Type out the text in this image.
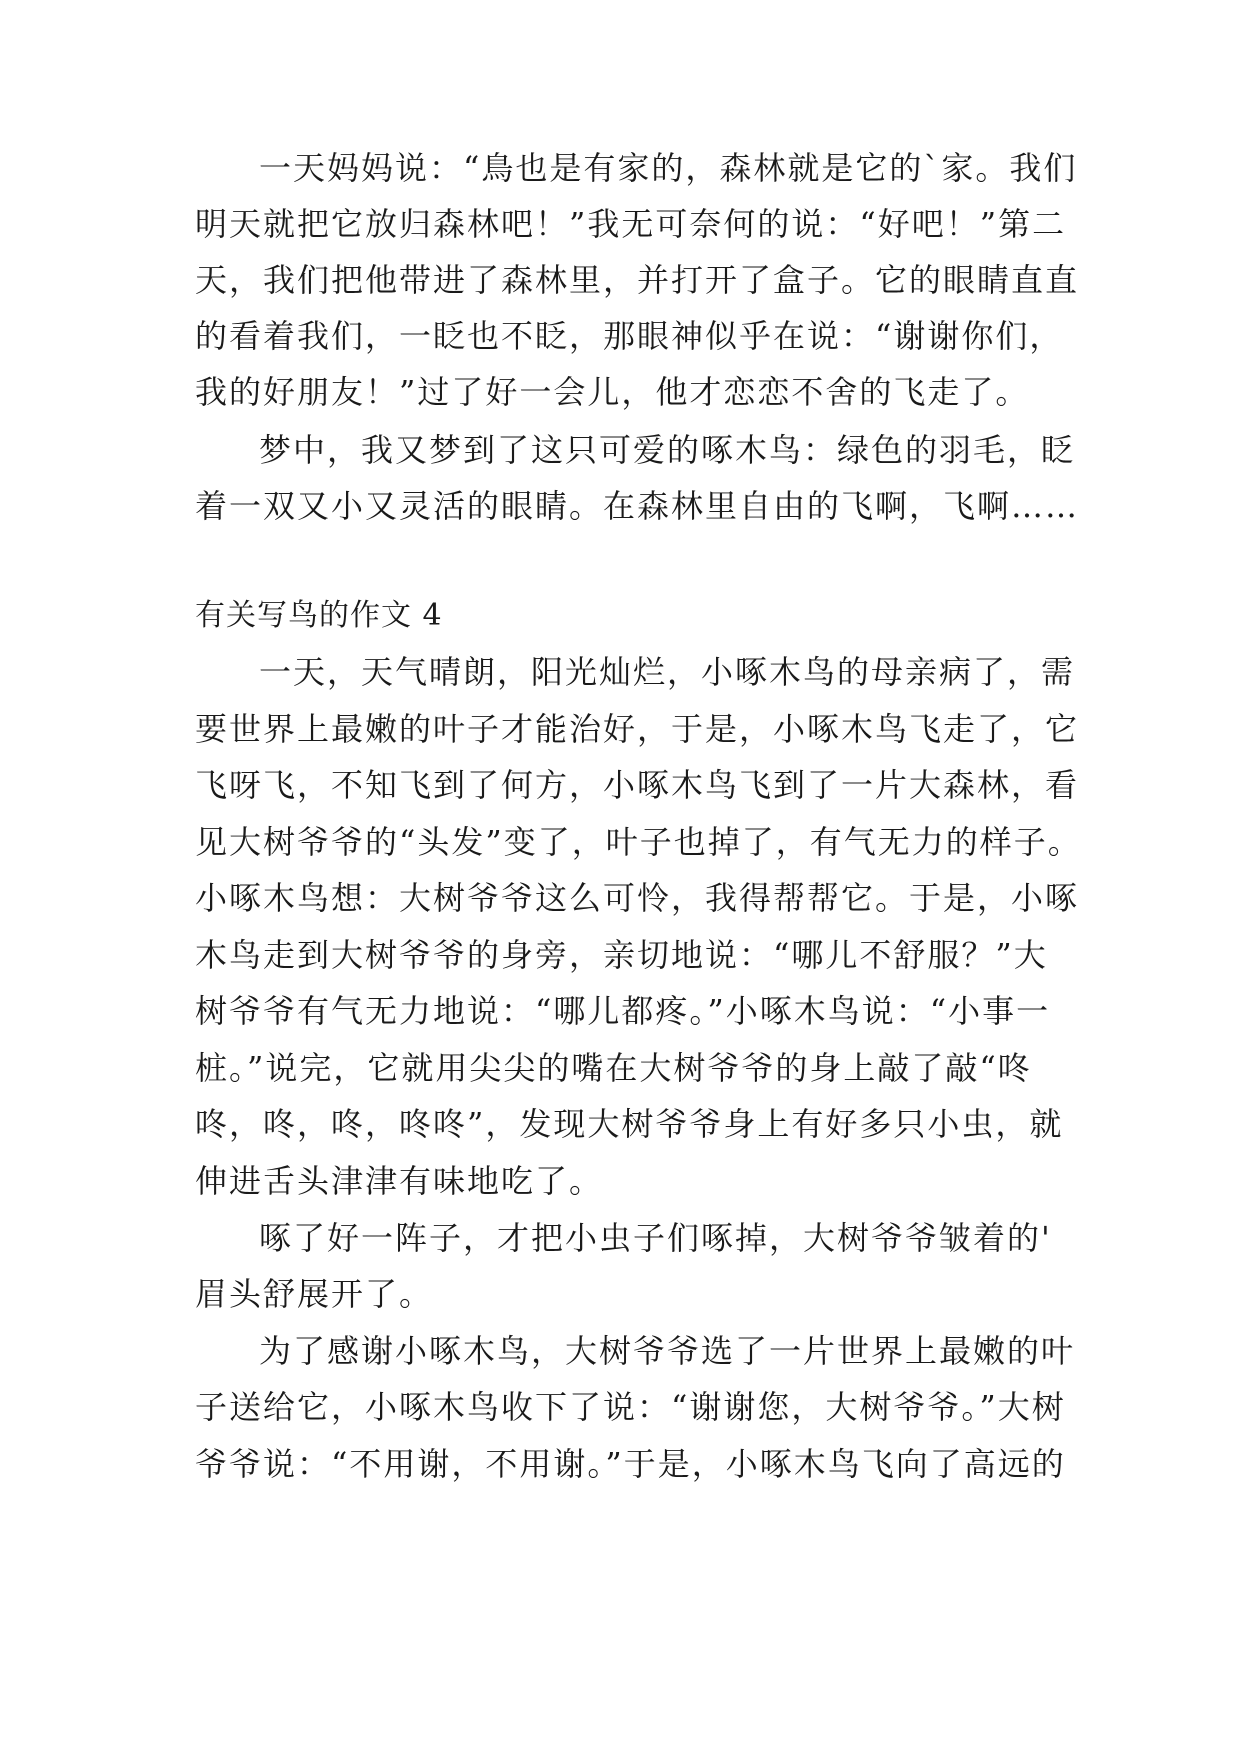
一天妈妈说：“鳥也是有家的，森林就是它的`家。我们
明天就把它放归森林吧！”我无可奈何的说：“好吧！”第二
天，我们把他带进了森林里，并打开了盒子。它的眼睛直直
的看着我们，一眨也不眨，那眼神似乎在说：“谢谢你们，
我的好朋友！”过了好一会儿，他才恋恋不舍的飞走了。
梦中，我又梦到了这只可爱的啄木鸟：绿色的羽毛，眨
着一双又小又灵活的眼睛。在森林里自由的飞啊，飞啊……
有关写鸟的作文 4
一天，天气晴朗，阳光灿烂，小啄木鸟的母亲病了，需
要世界上最嫩的叶子才能治好，于是，小啄木鸟飞走了，它
飞呀飞，不知飞到了何方，小啄木鸟飞到了一片大森林，看
见大树爷爷的“头发”变了，叶子也掉了，有气无力的样子。
小啄木鸟想：大树爷爷这么可怜，我得帮帮它。于是，小啄
木鸟走到大树爷爷的身旁，亲切地说：“哪儿不舒服？”大
树爷爷有气无力地说：“哪儿都疼。”小啄木鸟说：“小事一
桩。”说完，它就用尖尖的嘴在大树爷爷的身上敲了敲“咚
咚，咚，咚，咚咚”，发现大树爷爷身上有好多只小虫，就
伸进舌头津津有味地吃了。
啄了好一阵子，才把小虫子们啄掉，大树爷爷皱着的'
眉头舒展开了。
为了感谢小啄木鸟，大树爷爷选了一片世界上最嫩的叶
子送给它，小啄木鸟收下了说：“谢谢您，大树爷爷。”大树
爷爷说：“不用谢，不用谢。”于是，小啄木鸟飞向了高远的
